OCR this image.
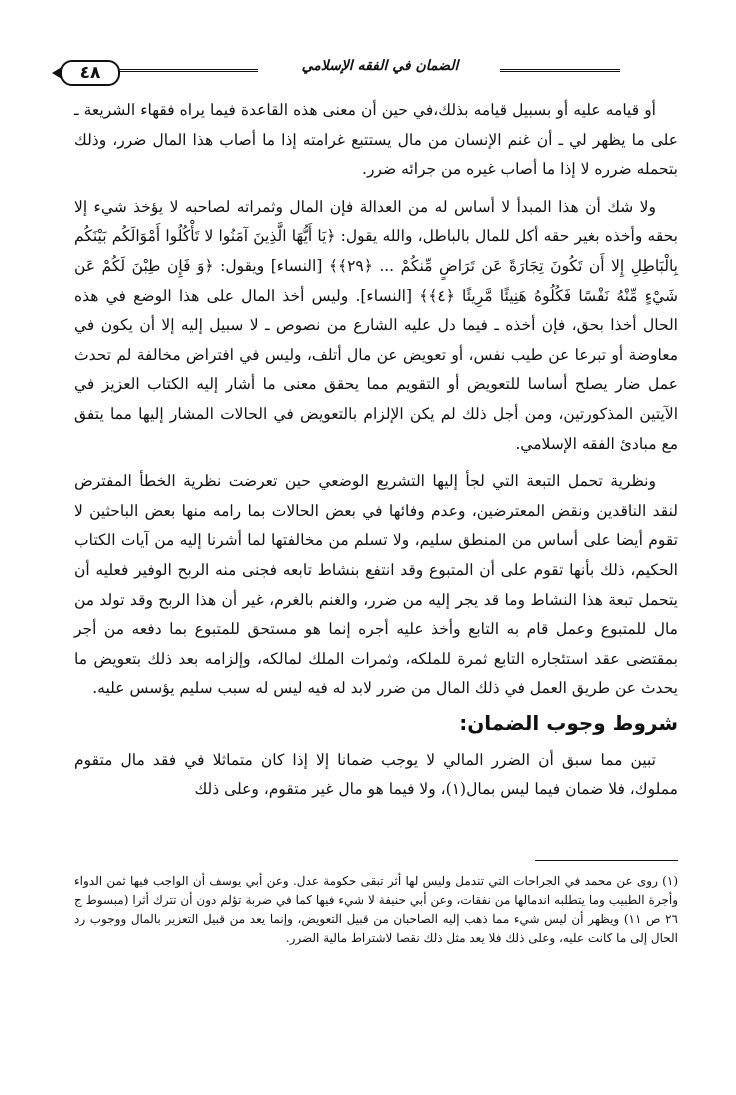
٤٨	الضمان في الفقه الإسلامي

أو قيامه عليه أو بسبيل قيامه بذلك،في حين أن معنى هذه القاعدة فيما يراه فقهاء الشريعة ـ على ما يظهر لي ـ أن غنم الإنسان من مال يستتبع غرامته إذا ما أصاب هذا المال ضرر، وذلك بتحمله ضرره لا إذا ما أصاب غيره من جرائه ضرر.

ولا شك أن هذا المبدأ لا أساس له من العدالة فإن المال وثمراته لصاحبه لا يؤخذ شيء إلا بحقه وأخذه بغير حقه أكل للمال بالباطل، والله يقول: ﴿يَا أَيُّهَا الَّذِينَ آمَنُوا لا تَأْكُلُوا أَمْوَالَكُم بَيْنَكُم بِالْبَاطِلِ إِلا أَن تَكُونَ تِجَارَةً عَن تَرَاضٍ مِّنكُمْ ... ﴿٢٩﴾﴾ [النساء] ويقول: ﴿وَ فَإِن طِبْنَ لَكُمْ عَن شَيْءٍ مِّنْهُ نَفْسًا فَكُلُوهُ هَنِيئًا مَّرِيئًا ﴿٤﴾﴾ [النساء]. وليس أخذ المال على هذا الوضع في هذه الحال أخذا بحق، فإن أخذه ـ فيما دل عليه الشارع من نصوص ـ لا سبيل إليه إلا أن يكون في معاوضة أو تبرعا عن طيب نفس، أو تعويض عن مال أتلف، وليس في افتراض مخالفة لم تحدث عمل ضار يصلح أساسا للتعويض أو التقويم مما يحقق معنى ما أشار إليه الكتاب العزيز في الآيتين المذكورتين، ومن أجل ذلك لم يكن الإلزام بالتعويض في الحالات المشار إليها مما يتفق مع مبادئ الفقه الإسلامي.

ونظرية تحمل التبعة التي لجأ إليها التشريع الوضعي حين تعرضت نظرية الخطأ المفترض لنقد الناقدين ونقض المعترضين، وعدم وفائها في بعض الحالات بما رامه منها بعض الباحثين لا تقوم أيضا على أساس من المنطق سليم، ولا تسلم من مخالفتها لما أشرنا إليه من آيات الكتاب الحكيم، ذلك بأنها تقوم على أن المتبوع وقد انتفع بنشاط تابعه فجنى منه الربح الوفير فعليه أن يتحمل تبعة هذا النشاط وما قد يجر إليه من ضرر، والغنم بالغرم، غير أن هذا الربح وقد تولد من مال للمتبوع وعمل قام به التابع وأخذ عليه أجره إنما هو مستحق للمتبوع بما دفعه من أجر بمقتضى عقد استئجاره التابع ثمرة للملكه، وثمرات الملك لمالكه، وإلزامه بعد ذلك بتعويض ما يحدث عن طريق العمل في ذلك المال من ضرر لابد له فيه ليس له سبب سليم يؤسس عليه.

شروط وجوب الضمان:

تبين مما سبق أن الضرر المالي لا يوجب ضمانا إلا إذا كان متماثلا في فقد مال متقوم مملوك، فلا ضمان فيما ليس بمال(١)، ولا فيما هو مال غير متقوم، وعلى ذلك

(١) روى عن محمد في الجراحات التي تندمل وليس لها أثر تبقى حكومة عدل. وعن أبي يوسف أن الواجب فيها ثمن الدواء وأجرة الطبيب وما يتطلبه اندمالها من نفقات، وعن أبي حنيفة لا شيء فيها كما في ضربة تؤلم دون أن تترك أثرا (مبسوط ج ٢٦ ص ١١) ويظهر أن ليس شيء مما ذهب إليه الصاحبان من قبيل التعويض، وإنما يعد من قبيل التعزير بالمال ووجوب رد الحال إلى ما كانت عليه، وعلى ذلك فلا يعد مثل ذلك نقصا لاشتراط مالية الضرر.
